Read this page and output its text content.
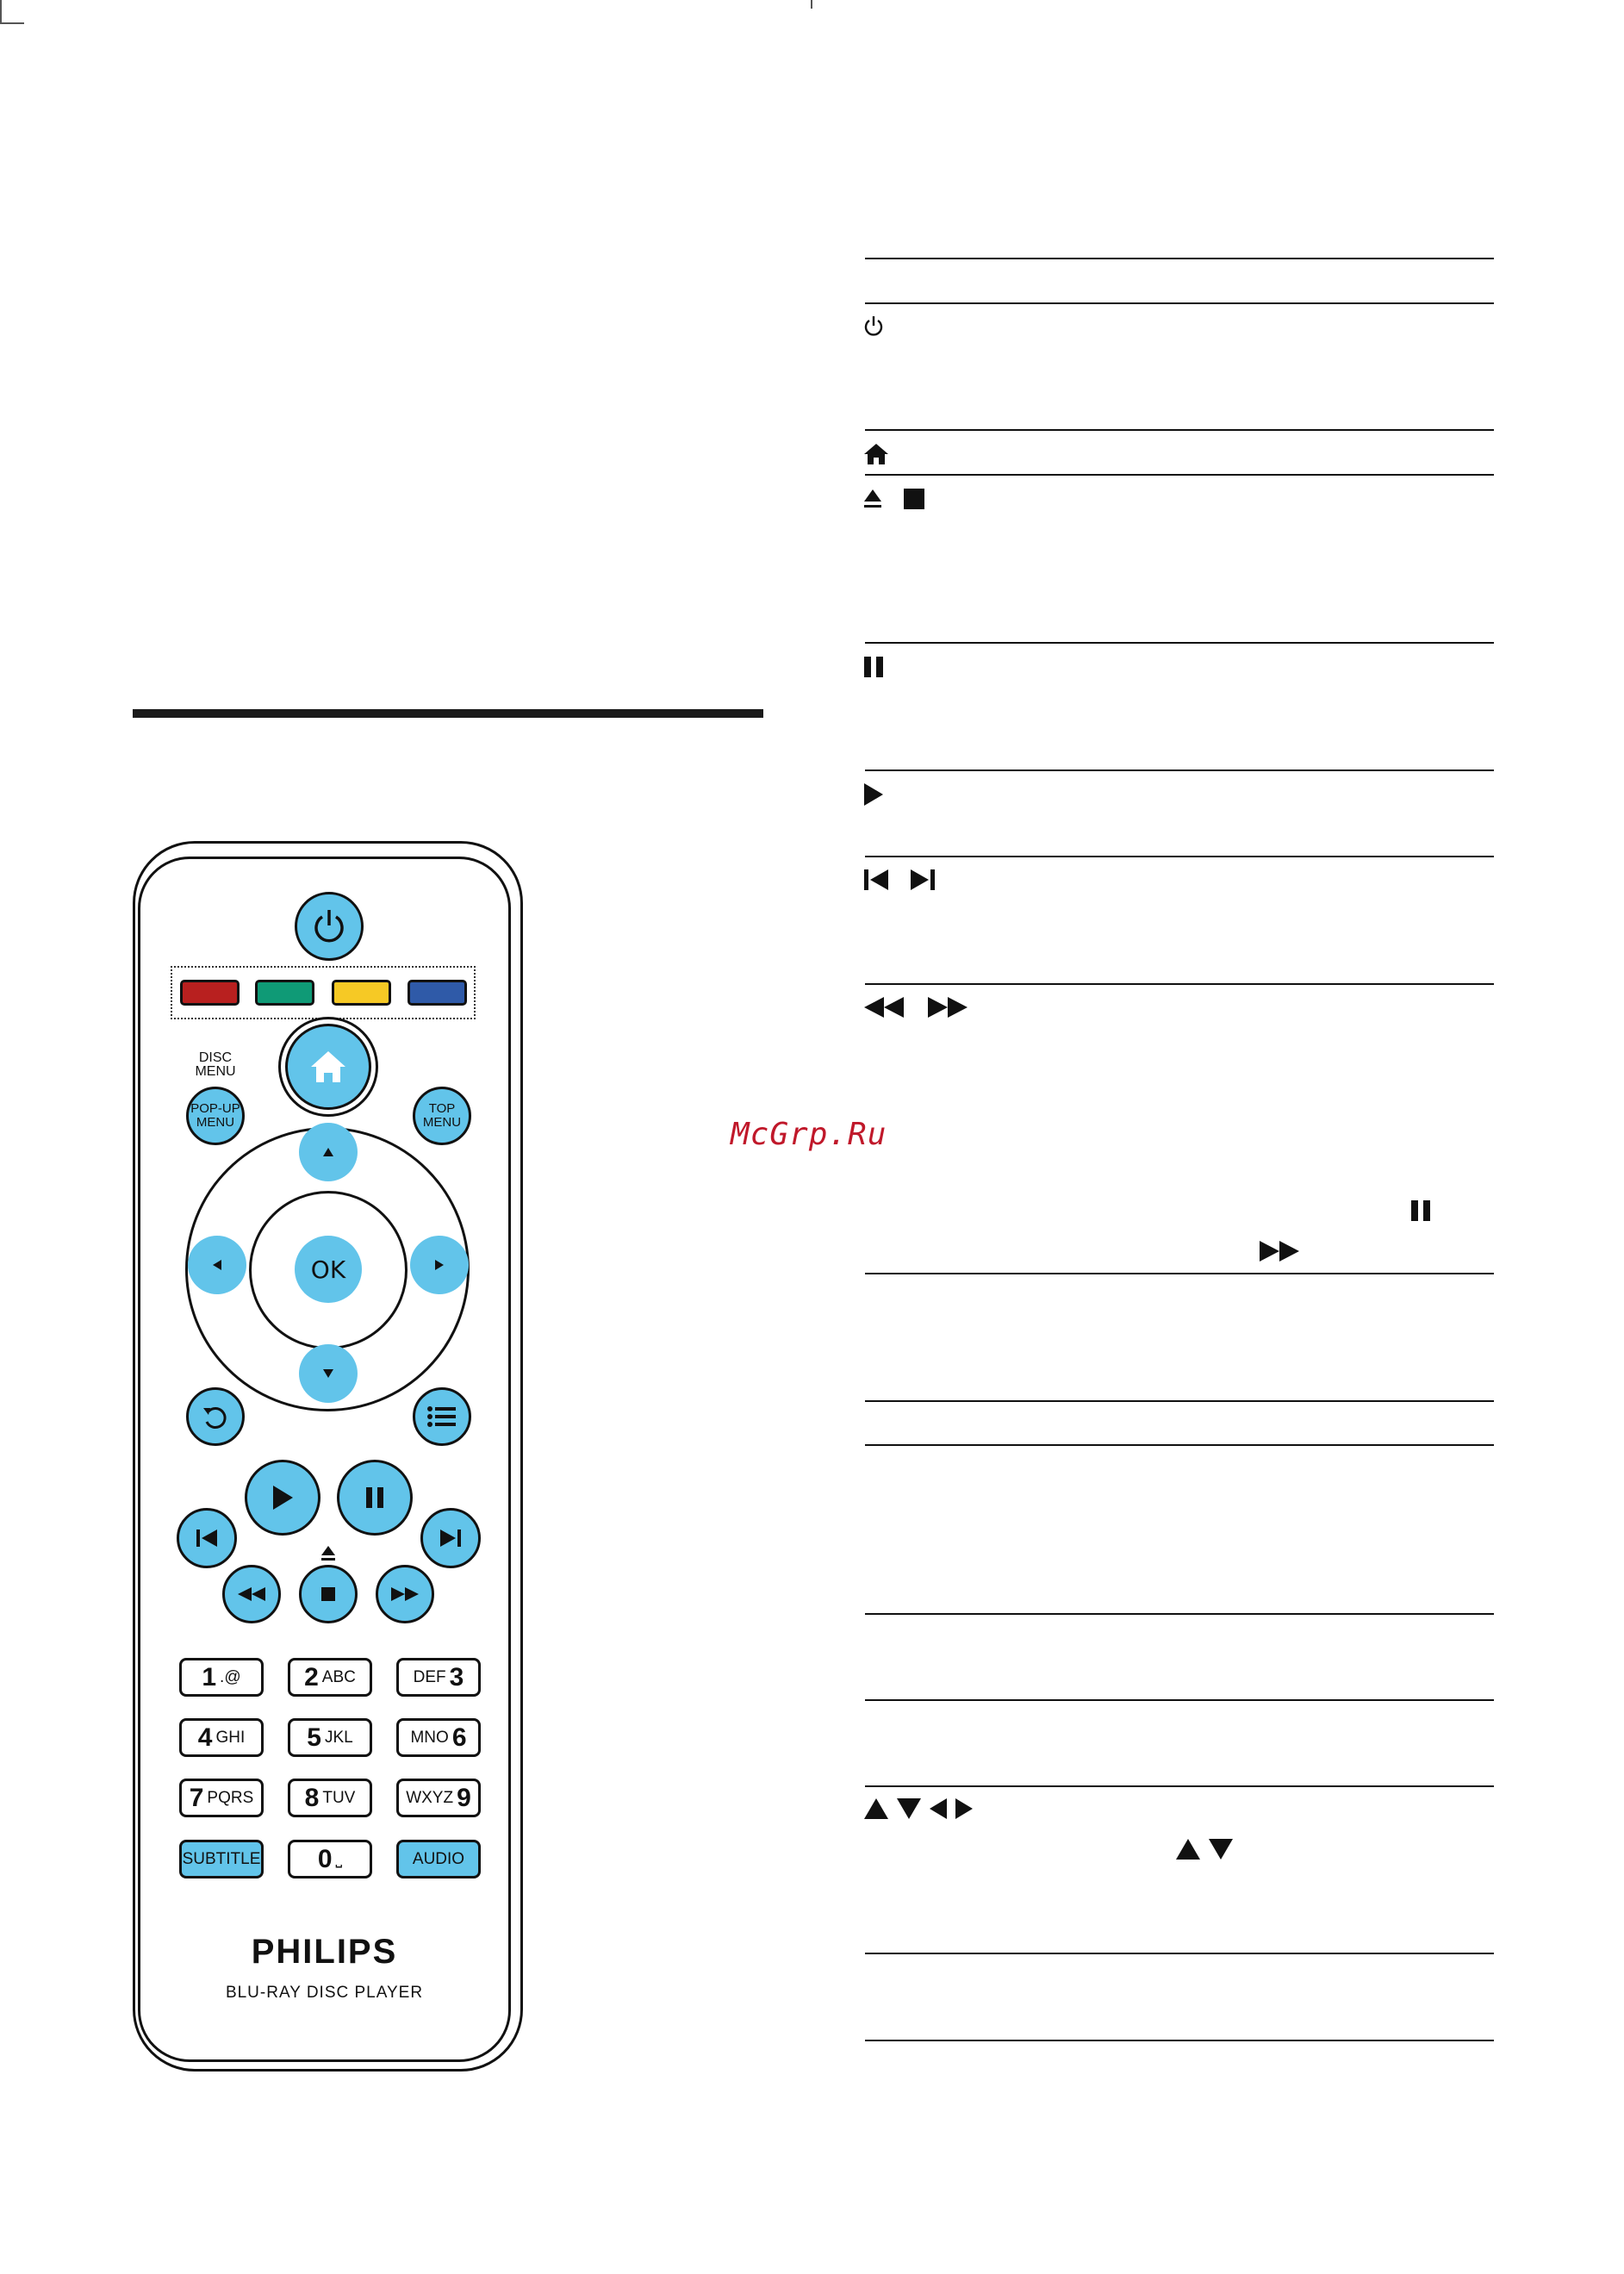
McGrp.Ru
DISC
MENU
POP-UP
MENU
TOP
MENU
OK
1 .@ 2 ABC	DEF 3
4 GHI 5 JKL	MNO 6
7 PQRS 8 TUV	WXYZ 9
0 ⎵
SUBTITLE	AUDIO
PHILIPS
BLU-RAY DISC PLAYER
